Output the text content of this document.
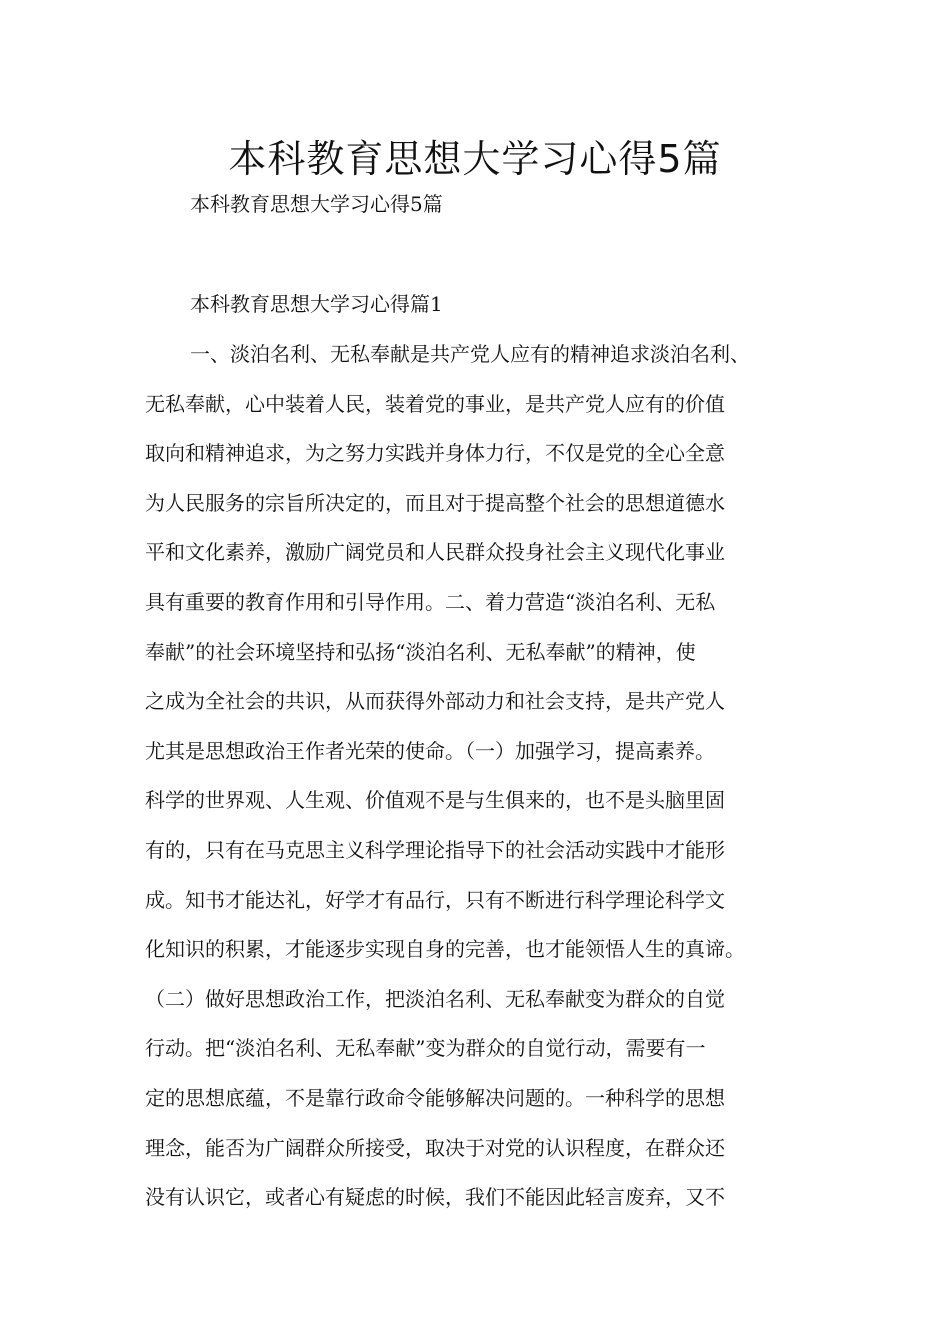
本科教育思想大学习心得5篇

本科教育思想大学习心得5篇

本科教育思想大学习心得篇1

一、淡泊名利、无私奉献是共产党人应有的精神追求淡泊名利、
无私奉献，心中装着人民，装着党的事业，是共产党人应有的价值
取向和精神追求，为之努力实践并身体力行，不仅是党的全心全意
为人民服务的宗旨所决定的，而且对于提高整个社会的思想道德水
平和文化素养，激励广阔党员和人民群众投身社会主义现代化事业
具有重要的教育作用和引导作用。二、着力营造“淡泊名利、无私
奉献”的社会环境坚持和弘扬“淡泊名利、无私奉献”的精神，使
之成为全社会的共识，从而获得外部动力和社会支持，是共产党人
尤其是思想政治王作者光荣的使命。（一）加强学习，提高素养。
科学的世界观、人生观、价值观不是与生俱来的，也不是头脑里固
有的，只有在马克思主义科学理论指导下的社会活动实践中才能形
成。知书才能达礼，好学才有品行，只有不断进行科学理论科学文
化知识的积累，才能逐步实现自身的完善，也才能领悟人生的真谛。
（二）做好思想政治工作，把淡泊名利、无私奉献变为群众的自觉
行动。把“淡泊名利、无私奉献”变为群众的自觉行动，需要有一
定的思想底蕴，不是靠行政命令能够解决问题的。一种科学的思想
理念，能否为广阔群众所接受，取决于对党的认识程度，在群众还
没有认识它，或者心有疑虑的时候，我们不能因此轻言废弃，又不
